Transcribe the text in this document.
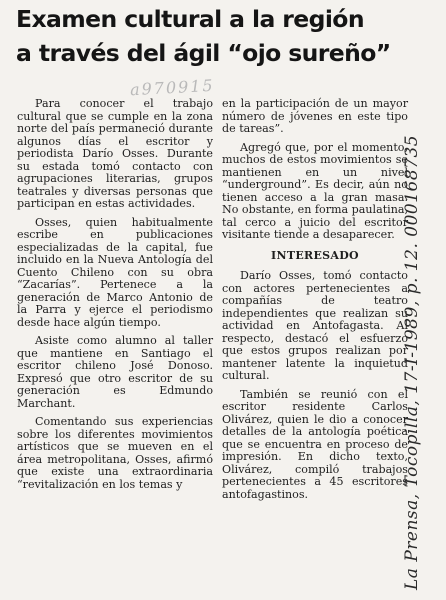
Examen cultural a la región
a través del ágil “ojo sureño”
a970915

Para conocer el trabajo cultural que se cumple en la zona norte del país permaneció durante algunos días el escritor y periodista Darío Osses. Durante su estada tomó contacto con agrupaciones literarias, grupos teatrales y diversas personas que participan en estas actividades.

Osses, quien habitualmente escribe en publicaciones especializadas de la capital, fue incluido en la Nueva Antología del Cuento Chileno con su obra “Zacarías”. Pertenece a la generación de Marco Antonio de la Parra y ejerce el periodismo desde hace algún tiempo.

Asiste como alumno al taller que mantiene en Santiago el escritor chileno José Donoso. Expresó que otro escritor de su generación es Edmundo Marchant.

Comentando sus experiencias sobre los diferentes movimientos artísticos que se mueven en el área metropolitana, Osses, afirmó que existe una extraordinaria “revitalización en los temas y

en la participación de un mayor número de jóvenes en este tipo de tareas”.

Agregó que, por el momento, muchos de estos movimientos se mantienen en un nivel “underground”. Es decir, aún no tienen acceso a la gran masa. No obstante, en forma paulatina, tal cerco a juicio del escritor visitante tiende a desaparecer.

INTERESADO

Darío Osses, tomó contacto con actores pertenecientes a compañías de teatro independientes que realizan su actividad en Antofagasta. Al respecto, destacó el esfuerzo que estos grupos realizan por mantener latente la inquietud cultural.

También se reunió con el escritor residente Carlos Olivárez, quien le dio a conocer detalles de la antología poética que se encuentra en proceso de impresión. En dicho texto, Olivárez, compiló trabajos pertenecientes a 45 escritores antofagastinos.	La Prensa, Tocopilla, 17-I-1989, p. 12. 000168735
